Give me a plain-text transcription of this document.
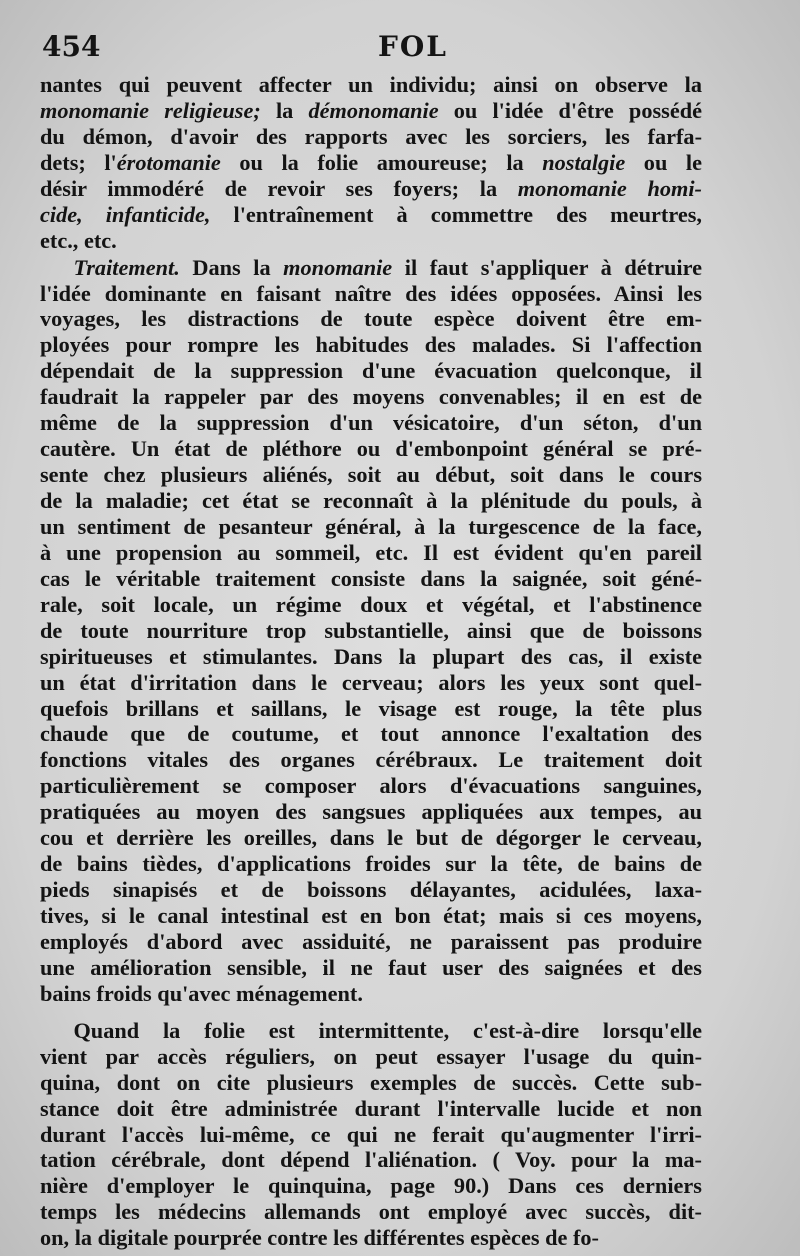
454	FOL
nantes qui peuvent affecter un individu; ainsi on observe la
monomanie religieuse; la démonomanie ou l'idée d'être possédé
du démon, d'avoir des rapports avec les sorciers, les farfa-
dets; l'érotomanie ou la folie amoureuse; la nostalgie ou le
désir immodéré de revoir ses foyers; la monomanie homi-
cide, infanticide, l'entraînement à commettre des meurtres,
etc., etc.
  Traitement. Dans la monomanie il faut s'appliquer à détruire
l'idée dominante en faisant naître des idées opposées. Ainsi les
voyages, les distractions de toute espèce doivent être em-
ployées pour rompre les habitudes des malades. Si l'affection
dépendait de la suppression d'une évacuation quelconque, il
faudrait la rappeler par des moyens convenables; il en est de
même de la suppression d'un vésicatoire, d'un séton, d'un
cautère. Un état de pléthore ou d'embonpoint général se pré-
sente chez plusieurs aliénés, soit au début, soit dans le cours
de la maladie; cet état se reconnaît à la plénitude du pouls, à
un sentiment de pesanteur général, à la turgescence de la face,
à une propension au sommeil, etc. Il est évident qu'en pareil
cas le véritable traitement consiste dans la saignée, soit géné-
rale, soit locale, un régime doux et végétal, et l'abstinence
de toute nourriture trop substantielle, ainsi que de boissons
spiritueuses et stimulantes. Dans la plupart des cas, il existe
un état d'irritation dans le cerveau; alors les yeux sont quel-
quefois brillans et saillans, le visage est rouge, la tête plus
chaude que de coutume, et tout annonce l'exaltation des
fonctions vitales des organes cérébraux. Le traitement doit
particulièrement se composer alors d'évacuations sanguines,
pratiquées au moyen des sangsues appliquées aux tempes, au
cou et derrière les oreilles, dans le but de dégorger le cerveau,
de bains tièdes, d'applications froides sur la tête, de bains de
pieds sinapisés et de boissons délayantes, acidulées, laxa-
tives, si le canal intestinal est en bon état; mais si ces moyens,
employés d'abord avec assiduité, ne paraissent pas produire
une amélioration sensible, il ne faut user des saignées et des
bains froids qu'avec ménagement.
  Quand la folie est intermittente, c'est-à-dire lorsqu'elle
vient par accès réguliers, on peut essayer l'usage du quin-
quina, dont on cite plusieurs exemples de succès. Cette sub-
stance doit être administrée durant l'intervalle lucide et non
durant l'accès lui-même, ce qui ne ferait qu'augmenter l'irri-
tation cérébrale, dont dépend l'aliénation. ( Voy. pour la ma-
nière d'employer le quinquina, page 90.) Dans ces derniers
temps les médecins allemands ont employé avec succès, dit-
on, la digitale pourprée contre les différentes espèces de fo-
